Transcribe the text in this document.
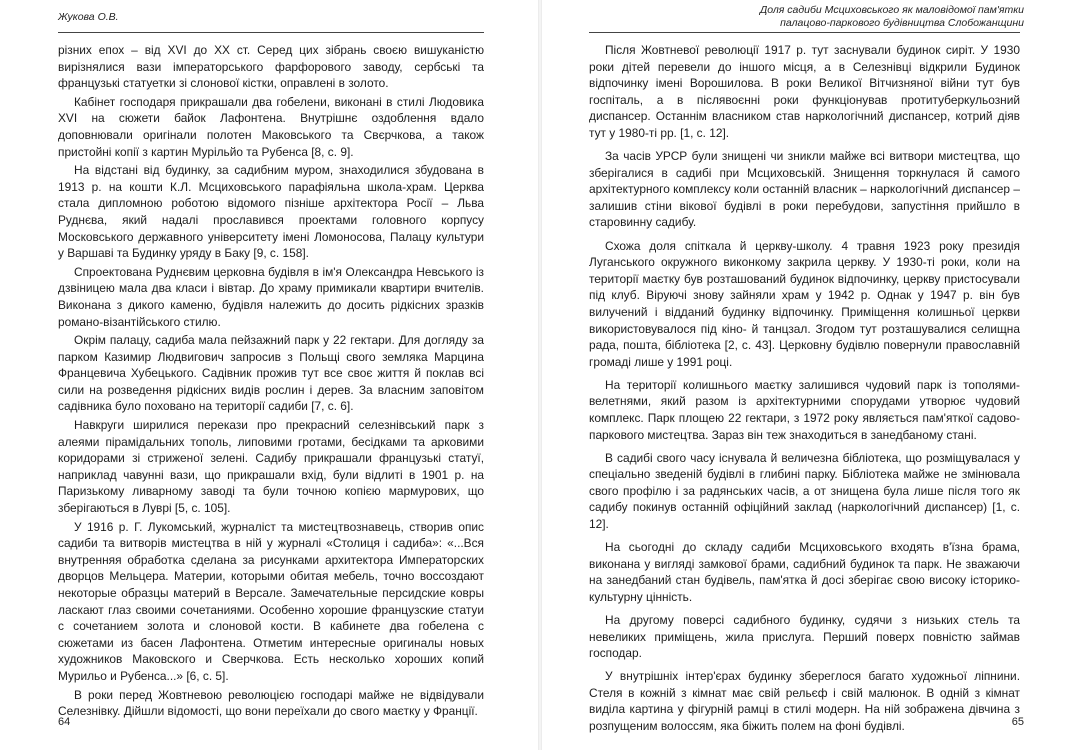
Жукова О.В.

різних епох – від XVI до XX ст. Серед цих зібрань своєю вишуканістю вирізнялися вази імператорського фарфорового заводу, сербські та французькі статуетки зі слонової кістки, оправлені в золото.

Кабінет господаря прикрашали два гобелени, виконані в стилі Людовика XVI на сюжети байок Лафонтена. Внутрішнє оздоблення вдало доповнювали оригінали полотен Маковського та Свєрчкова, а також пристойні копії з картин Мурільйо та Рубенса [8, с. 9].

На відстані від будинку, за садибним муром, знаходилися збудована в 1913 р. на кошти К.Л. Мсциховського парафіяльна школа-храм. Церква стала дипломною роботою відомого пізніше архітектора Росії – Льва Руднєва, який надалі прославився проектами головного корпусу Московського державного університету імені Ломоносова, Палацу культури у Варшаві та Будинку уряду в Баку [9, с. 158].

Спроектована Руднєвим церковна будівля в ім'я Олександра Невського із дзвіницею мала два класи і вівтар. До храму примикали квартири вчителів. Виконана з дикого каменю, будівля належить до досить рідкісних зразків романо-візантійського стилю.

Окрім палацу, садиба мала пейзажний парк у 22 гектари. Для догляду за парком Казимир Людвигович запросив з Польщі свого земляка Марцина Францевича Хубецького. Садівник прожив тут все своє життя й поклав всі сили на розведення рідкісних видів рослин і дерев. За власним заповітом садівника було поховано на території садиби [7, с. 6].

Навкруги ширилися перекази про прекрасний селезнівський парк з алеями пірамідальних тополь, липовими гротами, бесідками та арковими коридорами зі стриженої зелені. Садибу прикрашали французькі статуї, наприклад чавунні вази, що прикрашали вхід, були відлиті в 1901 р. на Паризькому ливарному заводі та були точною копією мармурових, що зберігаються в Луврі [5, с. 105].

У 1916 р. Г. Лукомський, журналіст та мистецтвознавець, створив опис садиби та витворів мистецтва в ній у журналі «Столиця і садиба»: «...Вся внутренняя обработка сделана за рисунками архитектора Императорских дворцов Мельцера. Материи, которыми обитая мебель, точно воссоздают некоторые образцы материй в Версале. Замечательные персидские ковры ласкают глаз своими сочетаниями. Особенно хорошие французские статуи с сочетанием золота и слоновой кости. В кабинете два гобелена с сюжетами из басен Лафонтена. Отметим интересные оригиналы новых художников Маковского и Сверчкова. Есть несколько хороших копий Мурильо и Рубенса...» [6, с. 5].

В роки перед Жовтневою революцією господарі майже не відвідували Селезнівку. Дійшли відомості, що вони переїхали до свого маєтку у Франції.

64
Доля садиби Мсциховського як маловідомої пам'ятки
палацово-паркового будівництва Слобожанщини

Після Жовтневої революції 1917 р. тут заснували будинок сиріт. У 1930 роки дітей перевели до іншого місця, а в Селезнівці відкрили Будинок відпочинку імені Ворошилова. В роки Великої Вітчизняної війни тут був госпіталь, а в післявоєнні роки функціонував протитуберкульозний диспансер. Останнім власником став наркологічний диспансер, котрий діяв тут у 1980-ті рр. [1, с. 12].

За часів УРСР були знищені чи зникли майже всі витвори мистецтва, що зберігалися в садибі при Мсциховській. Знищення торкнулася й самого архітектурного комплексу коли останній власник – наркологічний диспансер – залишив стіни вікової будівлі в роки перебудови, запустіння прийшло в старовинну садибу.

Схожа доля спіткала й церкву-школу. 4 травня 1923 року президія Луганського окружного виконкому закрила церкву. У 1930-ті роки, коли на території маєтку був розташований будинок відпочинку, церкву пристосували під клуб. Віруючі знову зайняли храм у 1942 р. Однак у 1947 р. він був вилучений і відданий будинку відпочинку. Приміщення колишньої церкви використовувалося під кіно- й танцзал. Згодом тут розташувалися селищна рада, пошта, бібліотека [2, с. 43]. Церковну будівлю повернули православній громаді лише у 1991 році.

На території колишнього маєтку залишився чудовий парк із тополями-велетнями, який разом із архітектурними спорудами утворює чудовий комплекс. Парк площею 22 гектари, з 1972 року являється пам'яткої садово-паркового мистецтва. Зараз він теж знаходиться в занедбаному стані.

В садибі свого часу існувала й величезна бібліотека, що розміщувалася у спеціально зведеній будівлі в глибині парку. Бібліотека майже не змінювала свого профілю і за радянських часів, а от знищена була лише після того як садибу покинув останній офіційний заклад (наркологічний диспансер) [1, с. 12].

На сьогодні до складу садиби Мсциховського входять в'їзна брама, виконана у вигляді замкової брами, садибний будинок та парк. Не зважаючи на занедбаний стан будівель, пам'ятка й досі зберігає свою високу історико-культурну цінність.

На другому поверсі садибного будинку, судячи з низьких стель та невеликих приміщень, жила прислуга. Перший поверх повністю займав господар.

У внутрішніх інтер'єрах будинку збереглося багато художньої ліпнини. Стеля в кожній з кімнат має свій рельєф і свій малюнок. В одній з кімнат виділа картина у фігурній рамці в стилі модерн. На ній зображена дівчина з розпущеним волоссям, яка біжить полем на фоні будівлі.	65
